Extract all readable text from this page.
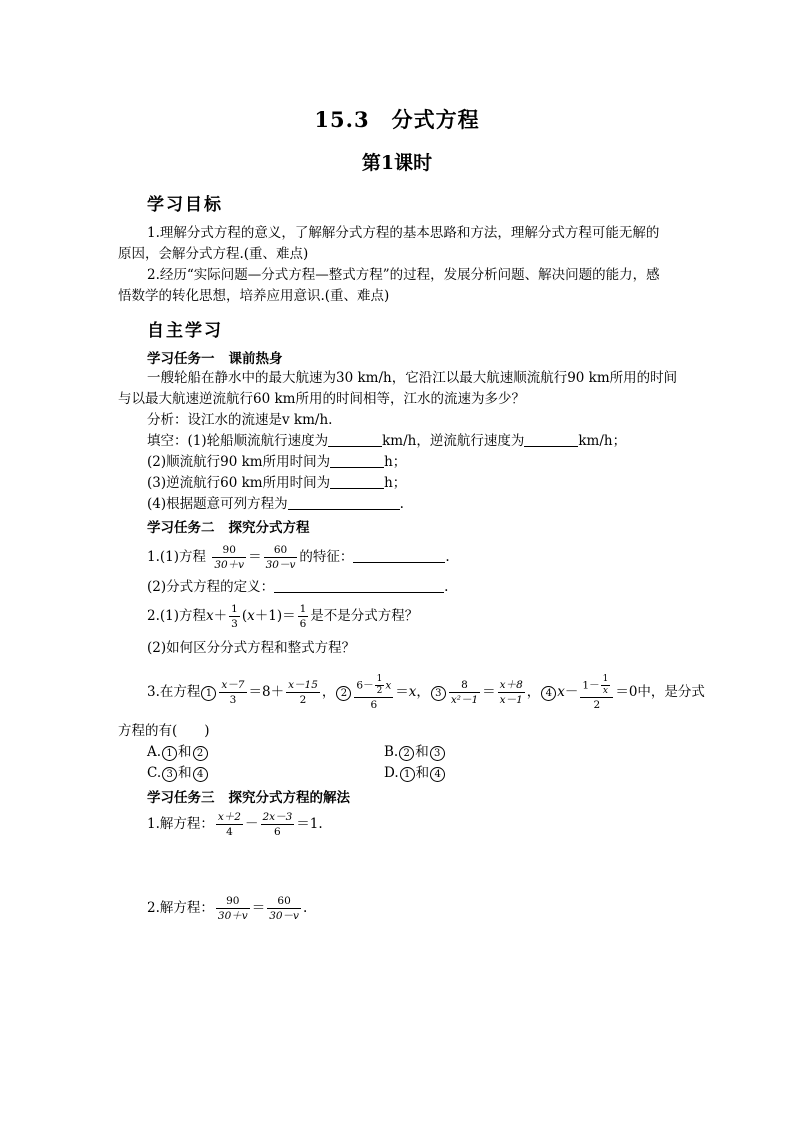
15.3 分式方程
第1课时
学习目标
1.理解分式方程的意义，了解解分式方程的基本思路和方法，理解分式方程可能无解的
原因，会解分式方程.(重、难点)
2.经历“实际问题—分式方程—整式方程”的过程，发展分析问题、解决问题的能力，感
悟数学的转化思想，培养应用意识.(重、难点)
自主学习
学习任务一 课前热身
一艘轮船在静水中的最大航速为30 km/h，它沿江以最大航速顺流航行90 km所用的时间
与以最大航速逆流航行60 km所用的时间相等，江水的流速为多少？
分析：设江水的流速是v km/h.
填空：(1)轮船顺流航行速度为	km/h，逆流航行速度为	km/h；
(2)顺流航行90 km所用时间为	h；
(3)逆流航行60 km所用时间为	h；
(4)根据题意可列方程为	.
学习任务二 探究分式方程
1.(1)方程 $\frac{90}{30+v} = \frac{60}{30-v}$ 的特征：	.
(2)分式方程的定义：	.
2.(1)方程$x+ \frac{1}{3} (x+1)= \frac{1}{6}$ 是不是分式方程？
(2)如何区分分式方程和整式方程？
3.在方程 $1 \frac{x-7}{3} =8+ \frac{x-15}{2}$ ， $2 \frac{6- \frac{1}{2} x}{6} =x$， $3 \frac{8}{\text{x²－1}} = \frac{x+8}{x-1}$ ， 4 $x- \frac{1- \frac{1}{x}}{2} =0$中，是分式
方程的有(　　)
A. 1 和 2	B. 2 和 3
C. 3 和 4	D. 1 和 4
学习任务三 探究分式方程的解法
1.解方程： $\frac{x+2}{4} - \frac{2x-3}{6} =1$.
2.解方程： $\frac{90}{30+v} = \frac{60}{30-v}$ .
